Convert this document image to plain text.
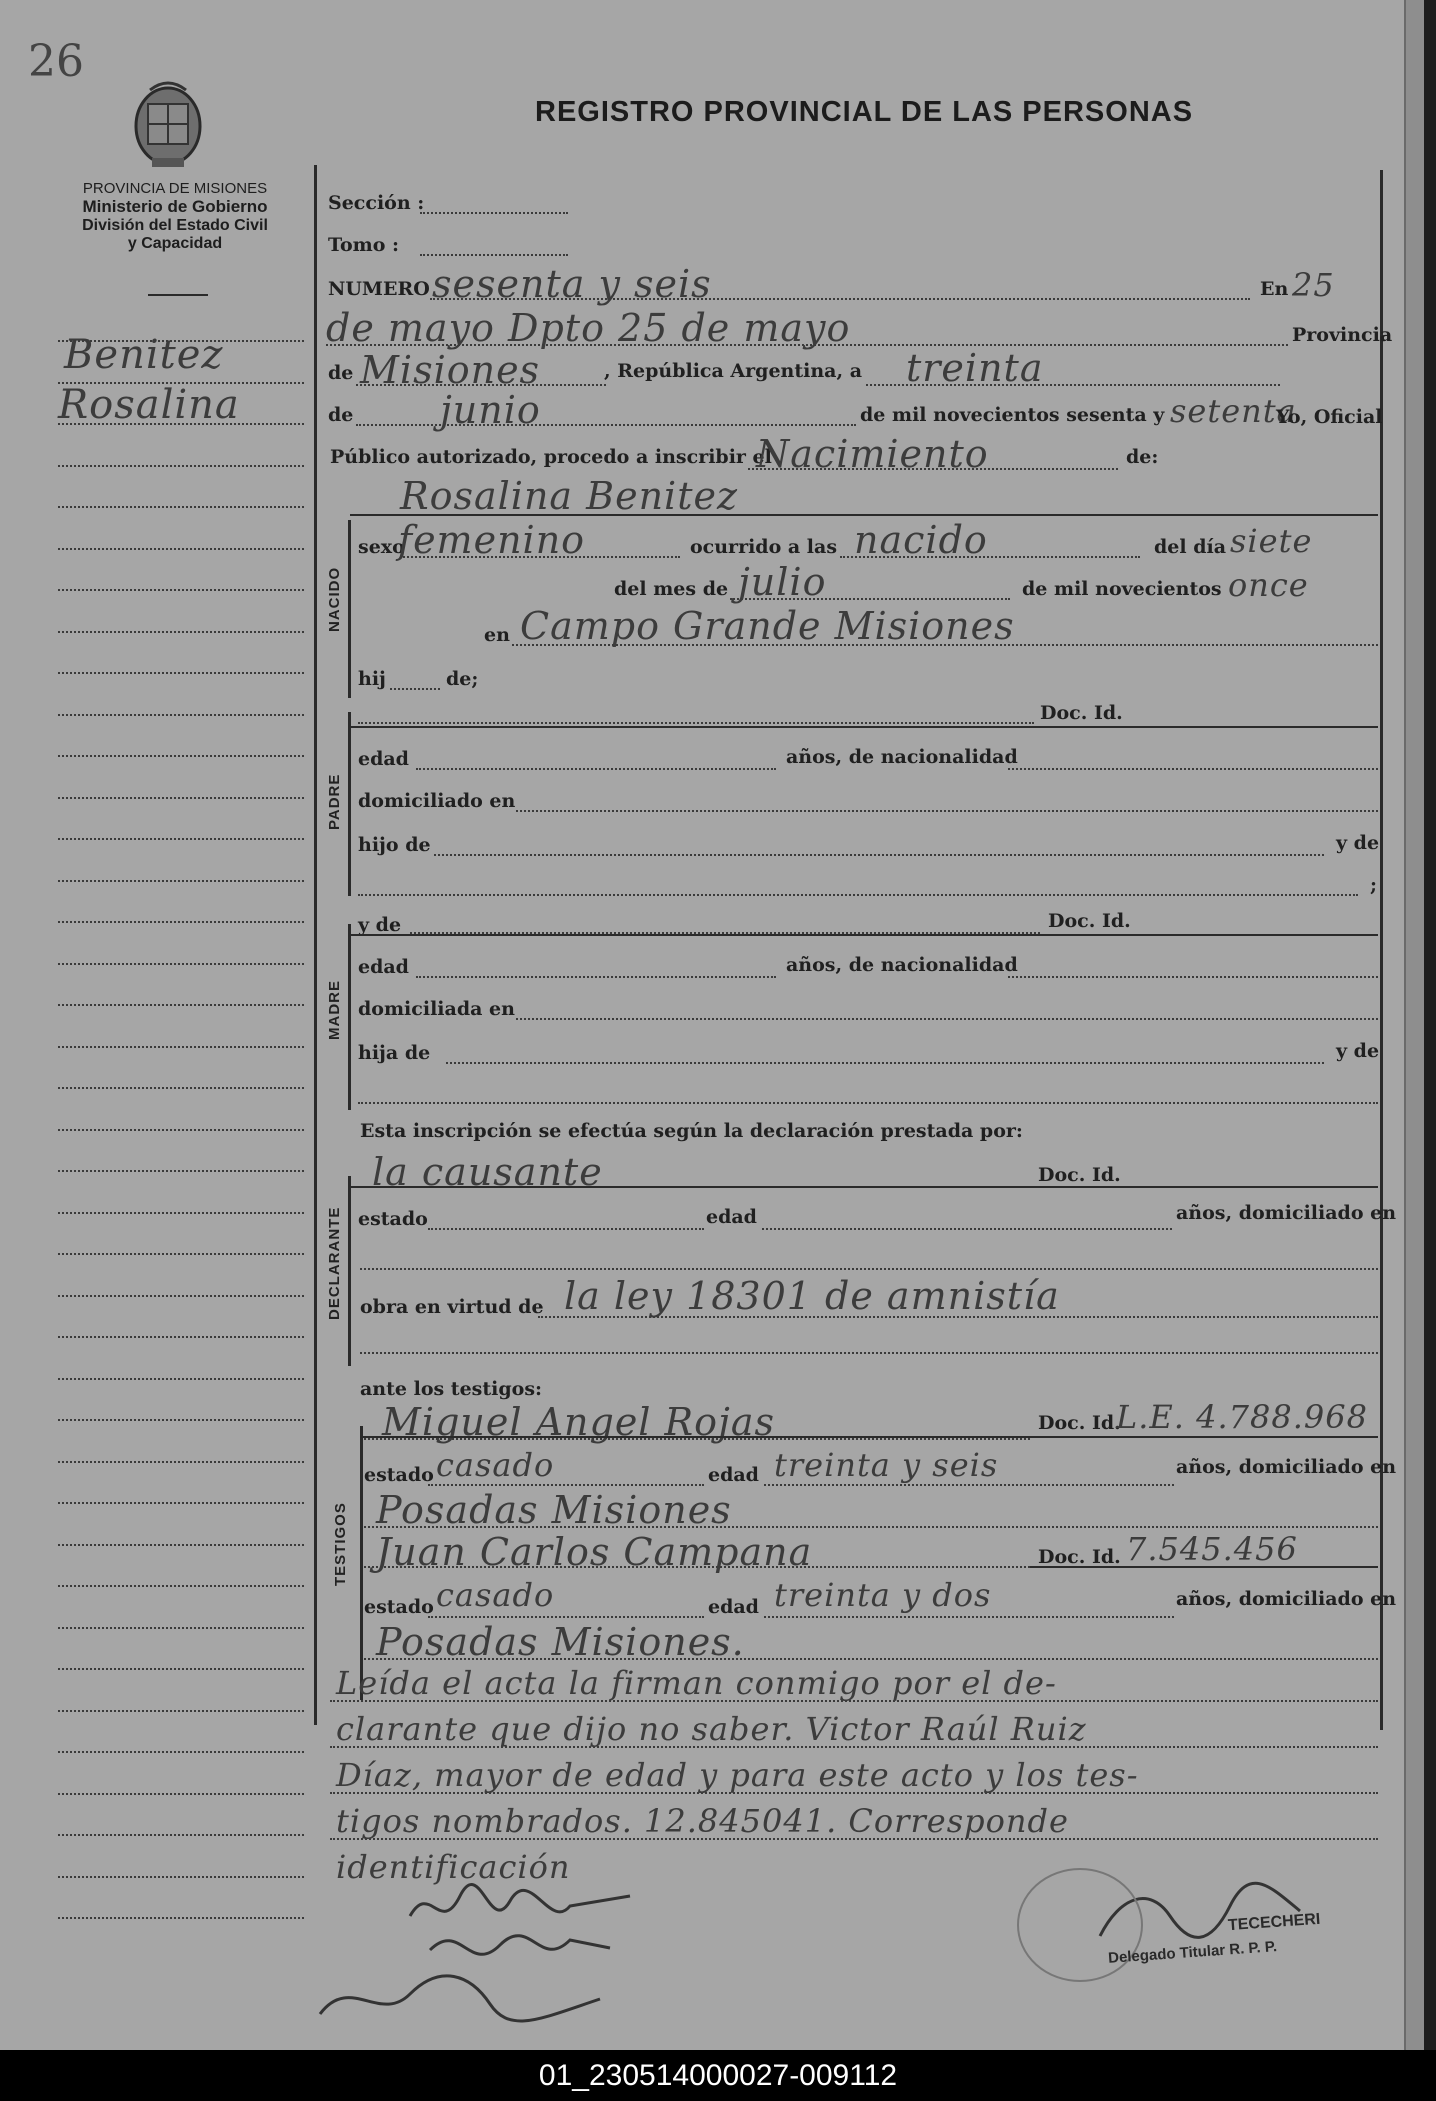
26
PROVINCIA DE MISIONES
Ministerio de Gobierno
División del Estado Civil
y Capacidad
REGISTRO PROVINCIAL DE LAS PERSONAS
Benitez
Rosalina
Sección :
Tomo :
NUMERO sesenta y seis	En 25
de mayo Dpto 25 de mayo	Provincia
de Misiones	, República Argentina, a treinta
de junio	de mil novecientos sesenta y setenta
Yo, Oficial
Público autorizado, procedo a inscribir el
Nacimiento	de:
Rosalina Benitez
NACIDO
sexo
femenino	ocurrido a las nacido	del día siete
del mes de julio	de mil novecientos once
en Campo Grande Misiones
hij	de;
Doc. Id.
PADRE
edad	años, de nacionalidad
domiciliado en
hijo de	y de
;
y de	Doc. Id.
MADRE
edad	años, de nacionalidad
domiciliada en
hija de	y de
Esta inscripción se efectúa según la declaración prestada por:
la causante	Doc. Id.
DECLARANTE estado	edad	años, domiciliado en
obra en virtud de la ley 18301 de amnistía
ante los testigos:
Miguel Angel Rojas	Doc. Id.
L.E. 4.788.968
TESTIGOS
estado casado	edad treinta y seis	años, domiciliado en
Posadas Misiones
Juan Carlos Campana	Doc. Id. 7.545.456
estado casado	edad treinta y dos	años, domiciliado en
Posadas Misiones.
Leída el acta la firman conmigo por el de-
clarante que dijo no saber. Victor Raúl Ruiz
Díaz, mayor de edad y para este acto y los tes-
tigos nombrados. 12.845041. Corresponde
identificación
TECECHERI
Delegado Titular R. P. P.
01_230514000027-009112
